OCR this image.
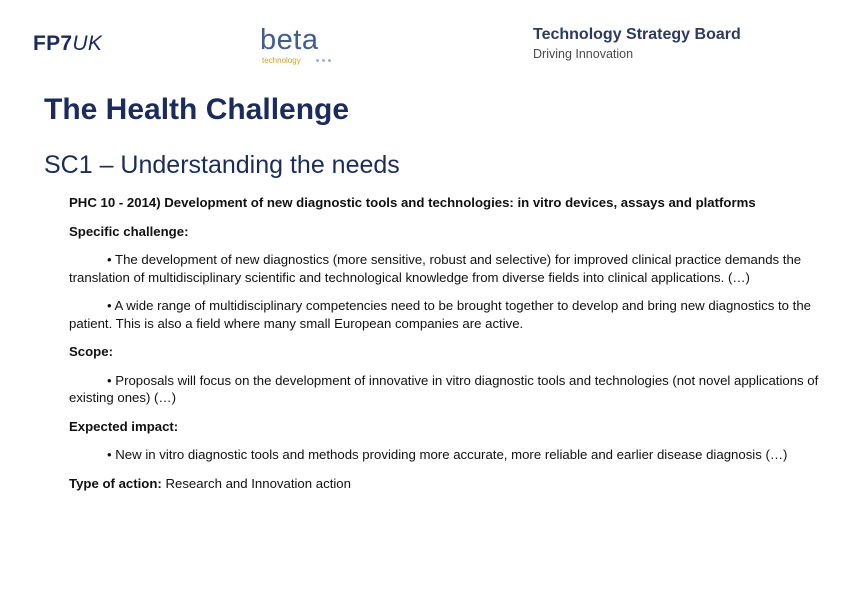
FP7UK	beta
technology
Technology Strategy Board
Driving Innovation
The Health Challenge
SC1 – Understanding the needs

PHC 10 - 2014) Development of new diagnostic tools and technologies: in vitro devices, assays and platforms

Specific challenge:

• The development of new diagnostics (more sensitive, robust and selective) for improved clinical practice demands the translation of multidisciplinary scientific and technological knowledge from diverse fields into clinical applications. (…)

• A wide range of multidisciplinary competencies need to be brought together to develop and bring new diagnostics to the patient. This is also a field where many small European companies are active.

Scope:

• Proposals will focus on the development of innovative in vitro diagnostic tools and technologies (not novel applications of existing ones) (…)

Expected impact:

• New in vitro diagnostic tools and methods providing more accurate, more reliable and earlier disease diagnosis (…)

Type of action: Research and Innovation action
